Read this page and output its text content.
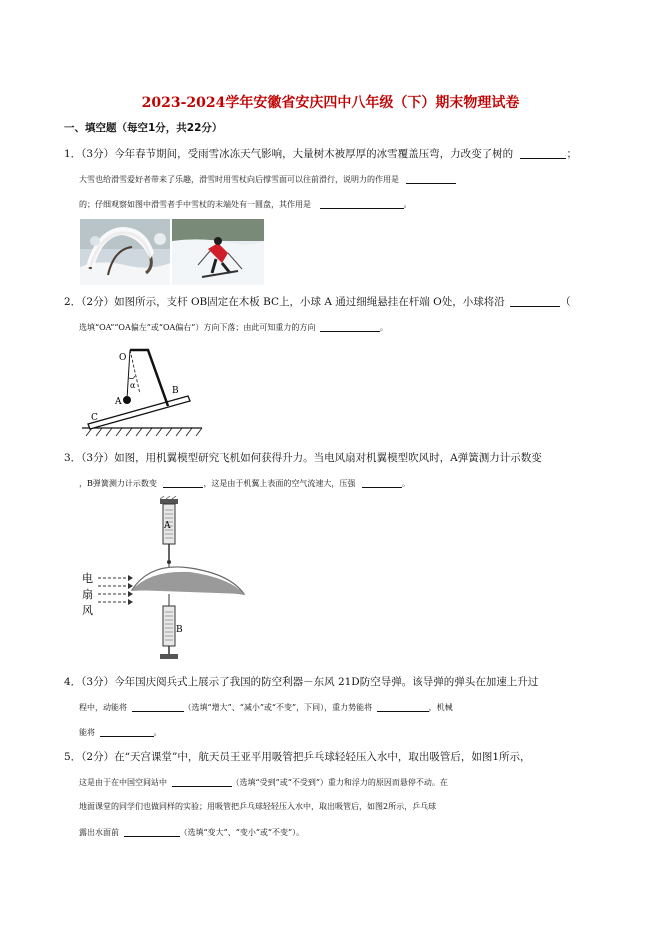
2023-2024学年安徽省安庆四中八年级（下）期末物理试卷
一、填空题（每空1分，共22分）
1．（3分）今年春节期间，受雨雪冰冻天气影响，大量树木被厚厚的冰雪覆盖压弯，力改变了树的	；
大雪也给滑雪爱好者带来了乐趣，滑雪时用雪杖向后撑雪面可以往前滑行，说明力的作用是
的；仔细观察如图中滑雪者手中雪杖的末端处有一圆盘，其作用是	。
2．（2分）如图所示，支杆 OB固定在木板 BC上，小球 A 通过细绳悬挂在杆端 O处，小球将沿	（
选填“OA”“OA偏左”或“OA偏右”）方向下落；由此可知重力的方向	。
O
α
A
B
C
3．（3分）如图，用机翼模型研究飞机如何获得升力。当电风扇对机翼模型吹风时，A弹簧测力计示数变
，B弹簧测力计示数变	，这是由于机翼上表面的空气流速大，压强	。
A
B
电
扇
风
4．（3分）今年国庆阅兵式上展示了我国的防空利器－东风 21D防空导弹。该导弹的弹头在加速上升过
程中，动能将	（选填“增大”、“减小”或“不变”，下同），重力势能将	，机械
能将	。
5．（2分）在“天宫课堂”中，航天员王亚平用吸管把乒乓球轻轻压入水中，取出吸管后，如图1所示，
这是由于在中国空间站中	（选填“受到”或“不受到”）重力和浮力的原因而悬停不动。在
地面课堂的同学们也做同样的实验；用吸管把乒乓球轻轻压入水中，取出吸管后，如图2所示，乒乓球
露出水面前	（选填“变大”、“变小”或“不变”）。
